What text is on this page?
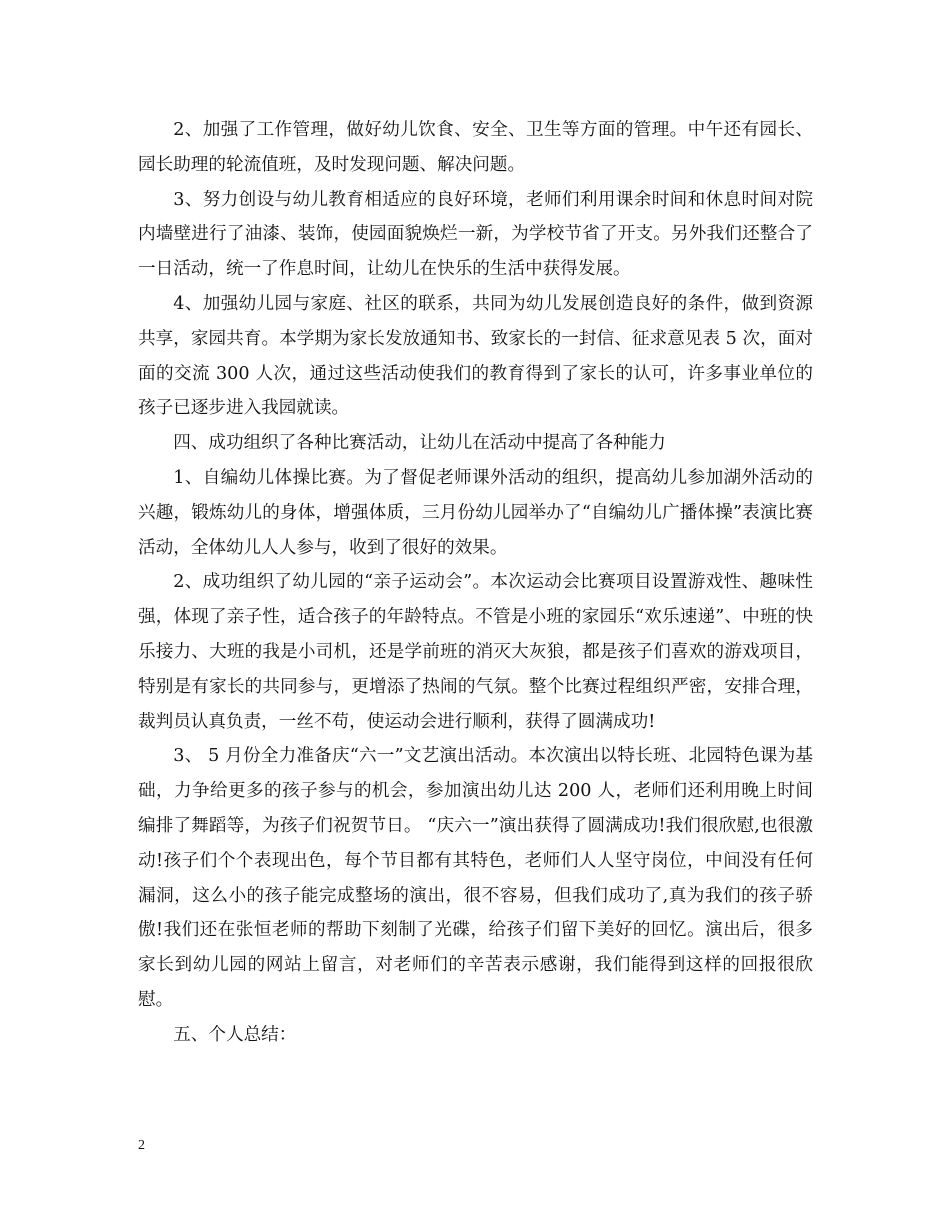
2、加强了工作管理，做好幼儿饮食、安全、卫生等方面的管理。中午还有园长、园长助理的轮流值班，及时发现问题、解决问题。

3、努力创设与幼儿教育相适应的良好环境，老师们利用课余时间和休息时间对院内墙壁进行了油漆、装饰，使园面貌焕烂一新，为学校节省了开支。另外我们还整合了一日活动，统一了作息时间，让幼儿在快乐的生活中获得发展。

4、加强幼儿园与家庭、社区的联系，共同为幼儿发展创造良好的条件，做到资源共享，家园共育。本学期为家长发放通知书、致家长的一封信、征求意见表 5 次，面对面的交流 300 人次，通过这些活动使我们的教育得到了家长的认可，许多事业单位的孩子已逐步进入我园就读。

四、成功组织了各种比赛活动，让幼儿在活动中提高了各种能力

1、自编幼儿体操比赛。为了督促老师课外活动的组织，提高幼儿参加湖外活动的兴趣，锻炼幼儿的身体，增强体质，三月份幼儿园举办了“自编幼儿广播体操”表演比赛活动，全体幼儿人人参与，收到了很好的效果。

2、成功组织了幼儿园的“亲子运动会”。本次运动会比赛项目设置游戏性、趣味性强，体现了亲子性，适合孩子的年龄特点。不管是小班的家园乐“欢乐速递”、中班的快乐接力、大班的我是小司机，还是学前班的消灭大灰狼，都是孩子们喜欢的游戏项目，特别是有家长的共同参与，更增添了热闹的气氛。整个比赛过程组织严密，安排合理，裁判员认真负责，一丝不苟，使运动会进行顺利，获得了圆满成功!

3、 5 月份全力准备庆“六一”文艺演出活动。本次演出以特长班、北园特色课为基础，力争给更多的孩子参与的机会，参加演出幼儿达 200 人，老师们还利用晚上时间编排了舞蹈等，为孩子们祝贺节日。 “庆六一”演出获得了圆满成功!我们很欣慰,也很激动!孩子们个个表现出色，每个节目都有其特色，老师们人人坚守岗位，中间没有任何漏洞，这么小的孩子能完成整场的演出，很不容易，但我们成功了,真为我们的孩子骄傲!我们还在张恒老师的帮助下刻制了光碟，给孩子们留下美好的回忆。演出后，很多家长到幼儿园的网站上留言，对老师们的辛苦表示感谢，我们能得到这样的回报很欣慰。

五、个人总结：

2
